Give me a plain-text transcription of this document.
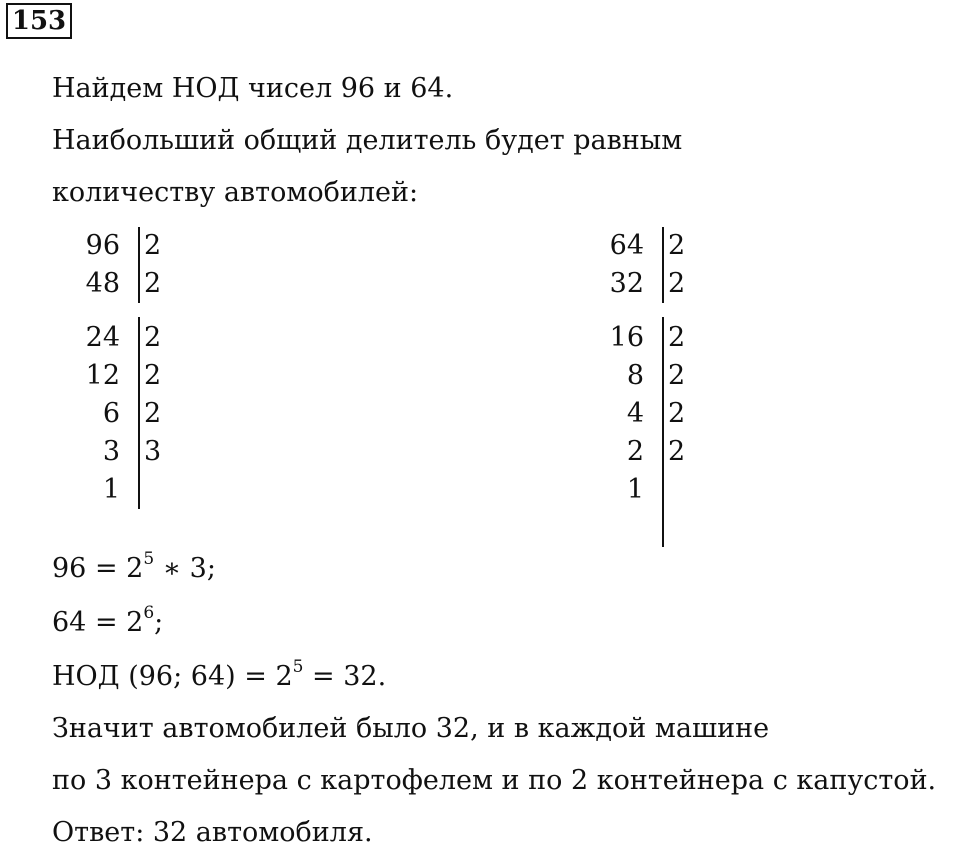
153
Найдем НОД чисел 96 и 64.
Наибольший общий делитель будет равным
количеству автомобилей:
96 2
48 2
24 2
12 2
6 2
3 3
1
64 2
32 2
16 2
8 2
4 2
2 2
1
$96 = 2^5$ ∗ 3;
$64 = 2^6$;
НОД (96; $64) = 2^5 = 32$.
Значит автомобилей было 32, и в каждой машине
по 3 контейнера с картофелем и по 2 контейнера с капустой.
Ответ: 32 автомобиля.
